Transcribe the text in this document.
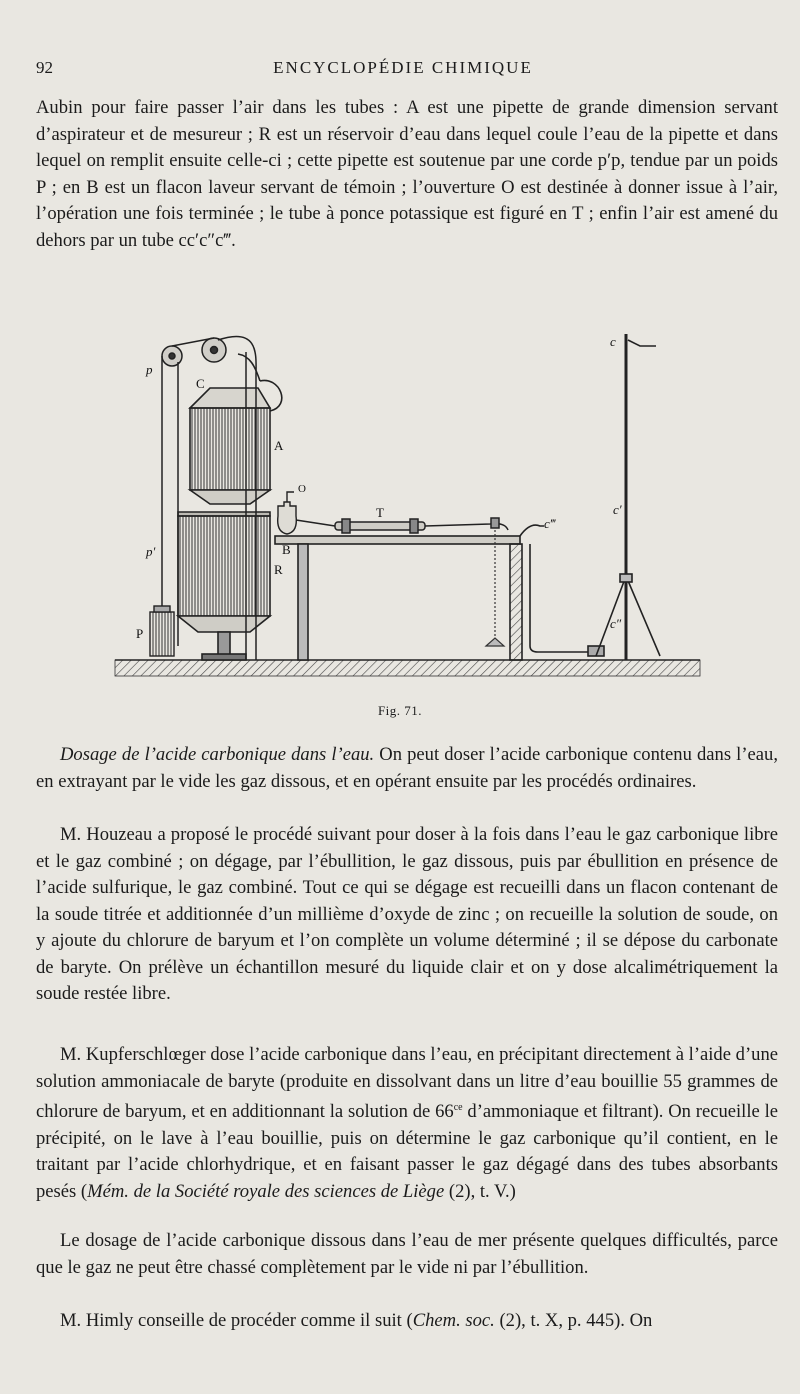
92	ENCYCLOPÉDIE CHIMIQUE

Aubin pour faire passer l’air dans les tubes : A est une pipette de grande dimension servant d’aspirateur et de mesureur ; R est un réservoir d’eau dans lequel coule l’eau de la pipette et dans lequel on remplit ensuite celle-ci ; cette pipette est soutenue par une corde p′p, tendue par un poids P ; en B est un flacon laveur servant de témoin ; l’ouverture O est destinée à donner issue à l’air, l’opération une fois terminée ; le tube à ponce potassique est figuré en T ; enfin l’air est amené du dehors par un tube cc′c″c‴.

p
p′
P
C
A
O
B
R
T
c
c′
c″
c‴
Fig. 71.

Dosage de l’acide carbonique dans l’eau. On peut doser l’acide carbonique contenu dans l’eau, en extrayant par le vide les gaz dissous, et en opérant ensuite par les procédés ordinaires.

M. Houzeau a proposé le procédé suivant pour doser à la fois dans l’eau le gaz carbonique libre et le gaz combiné ; on dégage, par l’ébullition, le gaz dissous, puis par ébullition en présence de l’acide sulfurique, le gaz combiné. Tout ce qui se dégage est recueilli dans un flacon contenant de la soude titrée et additionnée d’un millième d’oxyde de zinc ; on recueille la solution de soude, on y ajoute du chlorure de baryum et l’on complète un volume déterminé ; il se dépose du carbonate de baryte. On prélève un échantillon mesuré du liquide clair et on y dose alcalimétriquement la soude restée libre.

M. Kupferschlœger dose l’acide carbonique dans l’eau, en précipitant directement à l’aide d’une solution ammoniacale de baryte (produite en dissolvant dans un litre d’eau bouillie 55 grammes de chlorure de baryum, et en additionnant la solution de $66^{ce}$ d’ammoniaque et filtrant). On recueille le précipité, on le lave à l’eau bouillie, puis on détermine le gaz carbonique qu’il contient, en le traitant par l’acide chlorhydrique, et en faisant passer le gaz dégagé dans des tubes absorbants pesés (Mém. de la Société royale des sciences de Liège (2), t. V.)

Le dosage de l’acide carbonique dissous dans l’eau de mer présente quelques difficultés, parce que le gaz ne peut être chassé complètement par le vide ni par l’ébullition.

M. Himly conseille de procéder comme il suit (Chem. soc. (2), t. X, p. 445). On
